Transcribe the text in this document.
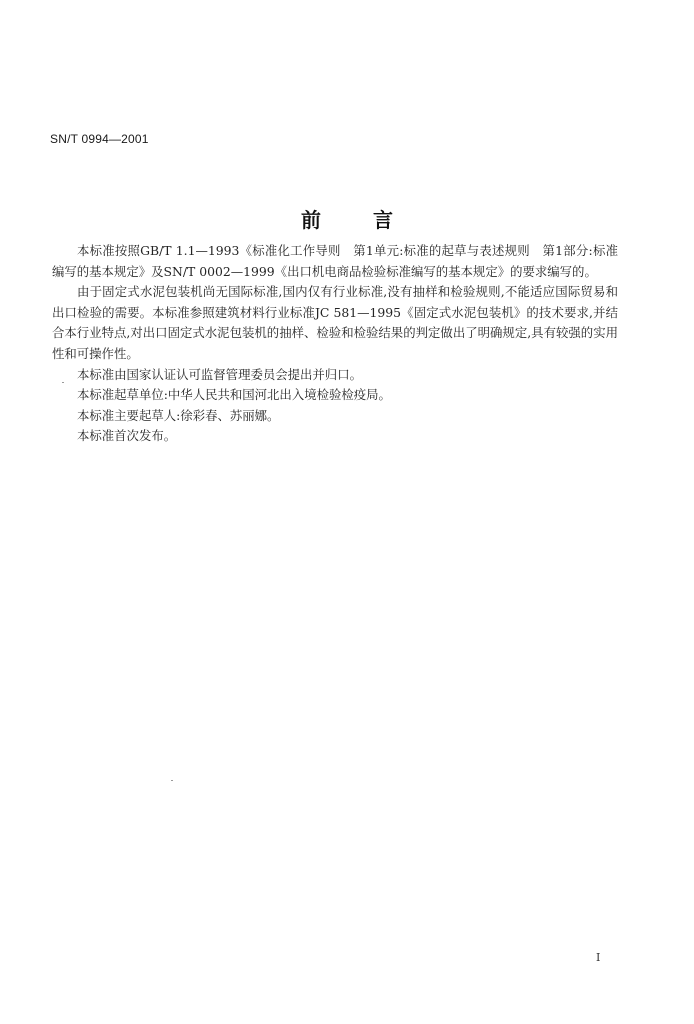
SN/T 0994—2001
前	言

本标准按照GB/T 1.1—1993《标准化工作导则　第1单元:标准的起草与表述规则　第1部分:标准编写的基本规定》及SN/T 0002—1999《出口机电商品检验标准编写的基本规定》的要求编写的。

由于固定式水泥包装机尚无国际标准,国内仅有行业标准,没有抽样和检验规则,不能适应国际贸易和出口检验的需要。本标准参照建筑材料行业标准JC 581—1995《固定式水泥包装机》的技术要求,并结合本行业特点,对出口固定式水泥包装机的抽样、检验和检验结果的判定做出了明确规定,具有较强的实用性和可操作性。

本标准由国家认证认可监督管理委员会提出并归口。

本标准起草单位:中华人民共和国河北出入境检验检疫局。

本标准主要起草人:徐彩春、苏丽娜。

本标准首次发布。

I
